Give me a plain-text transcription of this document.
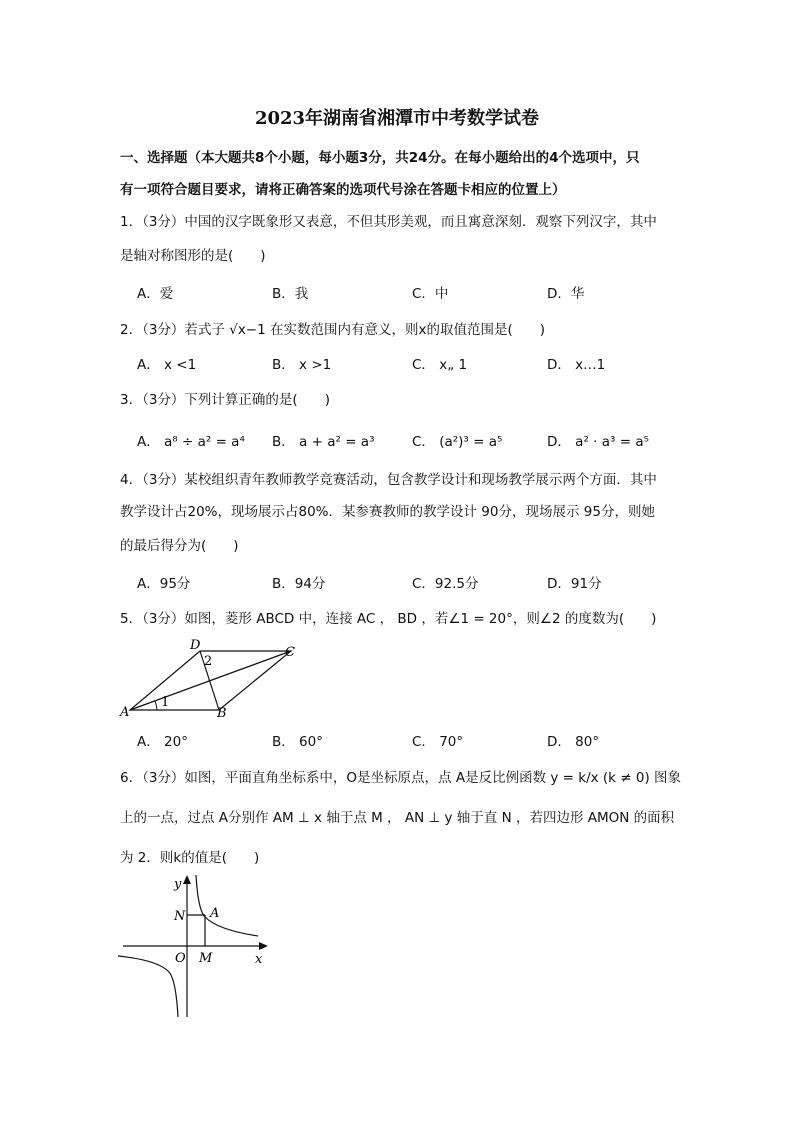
2023年湖南省湘潭市中考数学试卷
一、选择题（本大题共8个小题，每小题3分，共24分。在每小题给出的4个选项中，只
有一项符合题目要求，请将正确答案的选项代号涂在答题卡相应的位置上）
1．（3分）中国的汉字既象形又表意，不但其形美观，而且寓意深刻．观察下列汉字，其中
是轴对称图形的是(　　)
A．爱	B．我	C．中	D．华
2．（3分）若式子 √x−1 在实数范围内有意义，则x的取值范围是(　　)
A． x <1	B． x >1	C． x„ 1	D． x…1
3．（3分）下列计算正确的是(　　)
A． a⁸ ÷ a² = a⁴ B． a + a² = a³	C． (a²)³ = a⁵	D． a² · a³ = a⁵
4．（3分）某校组织青年教师教学竞赛活动，包含教学设计和现场教学展示两个方面．其中
教学设计占20%，现场展示占80%．某参赛教师的教学设计 90分，现场展示 95分，则她
的最后得分为(　　)
A．95分	B．94分	C．92.5分	D．91分
5．（3分）如图，菱形 ABCD 中，连接 AC ， BD ，若∠1 = 20°，则∠2 的度数为(　　)
A	B
C
D
1
2
A． 20°	B． 60°	C． 70°	D． 80°
6．（3分）如图，平面直角坐标系中，O是坐标原点，点 A是反比例函数 y = k/x (k ≠ 0) 图象
上的一点，过点 A分别作 AM ⊥ x 轴于点 M ， AN ⊥ y 轴于直 N ，若四边形 AMON 的面积
为 2．则k的值是(　　)
y
x
O M
N A
